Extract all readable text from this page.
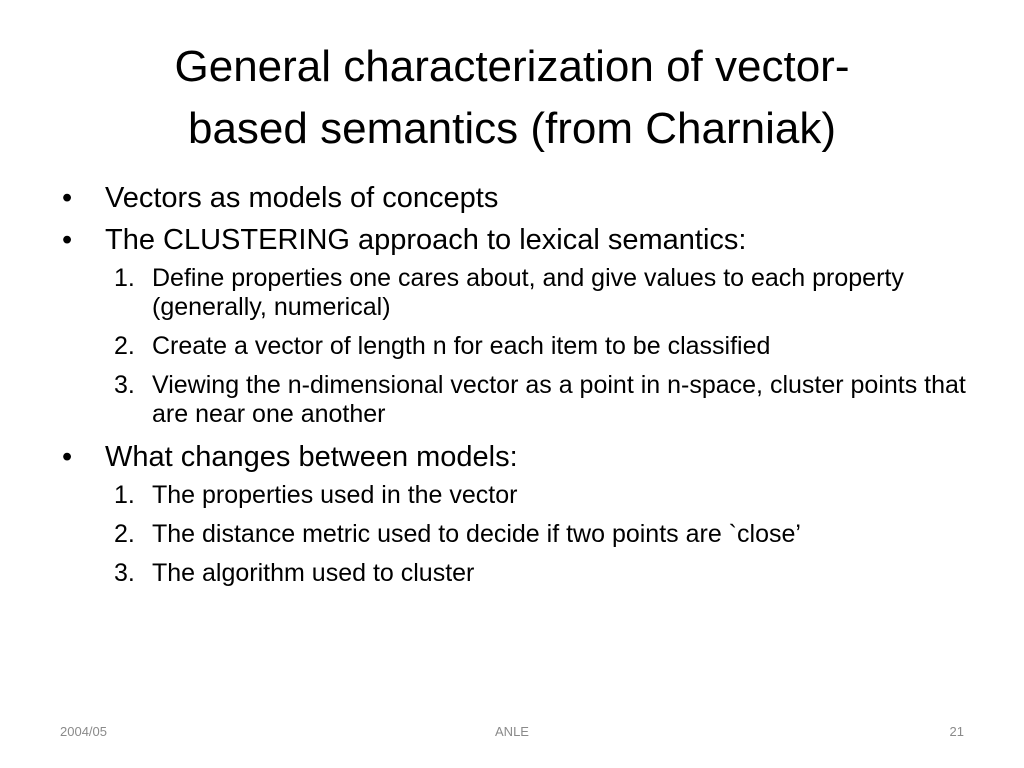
General characterization of vector-
based semantics (from Charniak)
•	Vectors as models of concepts
•	The CLUSTERING approach to lexical semantics:
1. Define properties one cares about, and give values to each property (generally, numerical)
2. Create a vector of length n for each item to be classified
3. Viewing the n-dimensional vector as a point in n-space, cluster points that are near one another
•	What changes between models:
1. The properties used in the vector
2. The distance metric used to decide if two points are `close’
3. The algorithm used to cluster
2004/05	ANLE	21
